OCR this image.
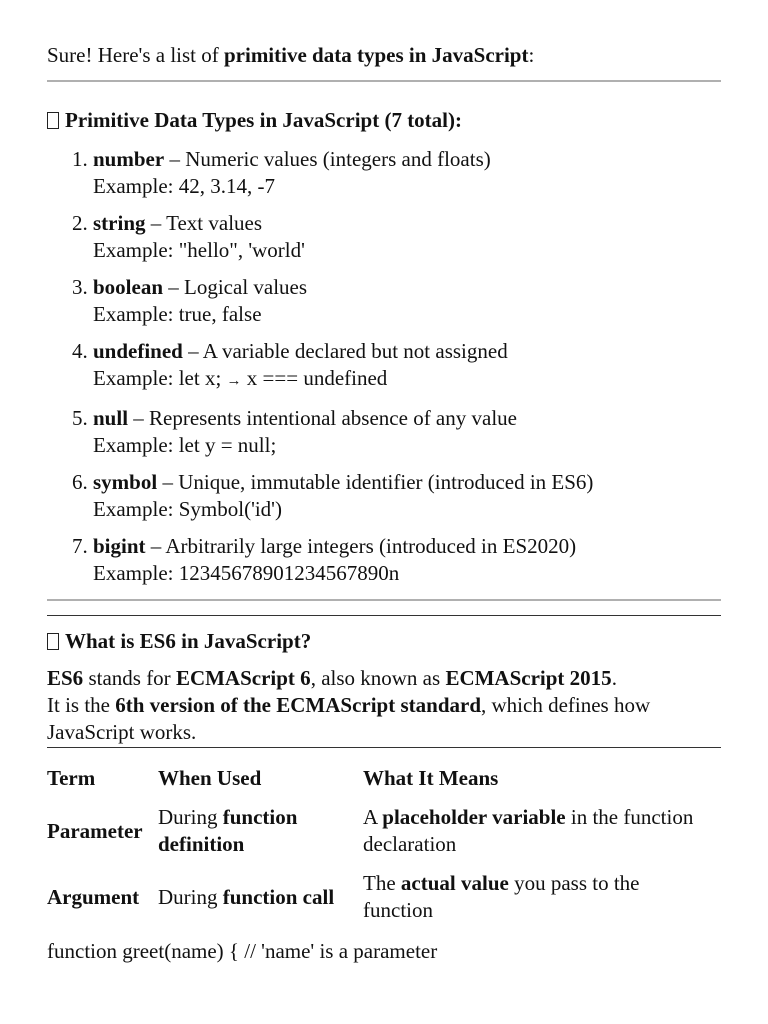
Sure! Here's a list of primitive data types in JavaScript:

Primitive Data Types in JavaScript (7 total):
1. number – Numeric values (integers and floats)
Example: 42, 3.14, -7
2. string – Text values
Example: "hello", 'world'
3. boolean – Logical values
Example: true, false
4. undefined – A variable declared but not assigned
Example: let x; → x === undefined
5. null – Represents intentional absence of any value
Example: let y = null;
6. symbol – Unique, immutable identifier (introduced in ES6)
Example: Symbol('id')
7. bigint – Arbitrarily large integers (introduced in ES2020)
Example: 12345678901234567890n
What is ES6 in JavaScript?

ES6 stands for ECMAScript 6, also known as ECMAScript 2015.
It is the 6th version of the ECMAScript standard, which defines how JavaScript works.

Term	When Used	What It Means
Parameter	During function definition	A placeholder variable in the function declaration
Argument	During function call	The actual value you pass to the function

function greet(name) { // 'name' is a parameter
